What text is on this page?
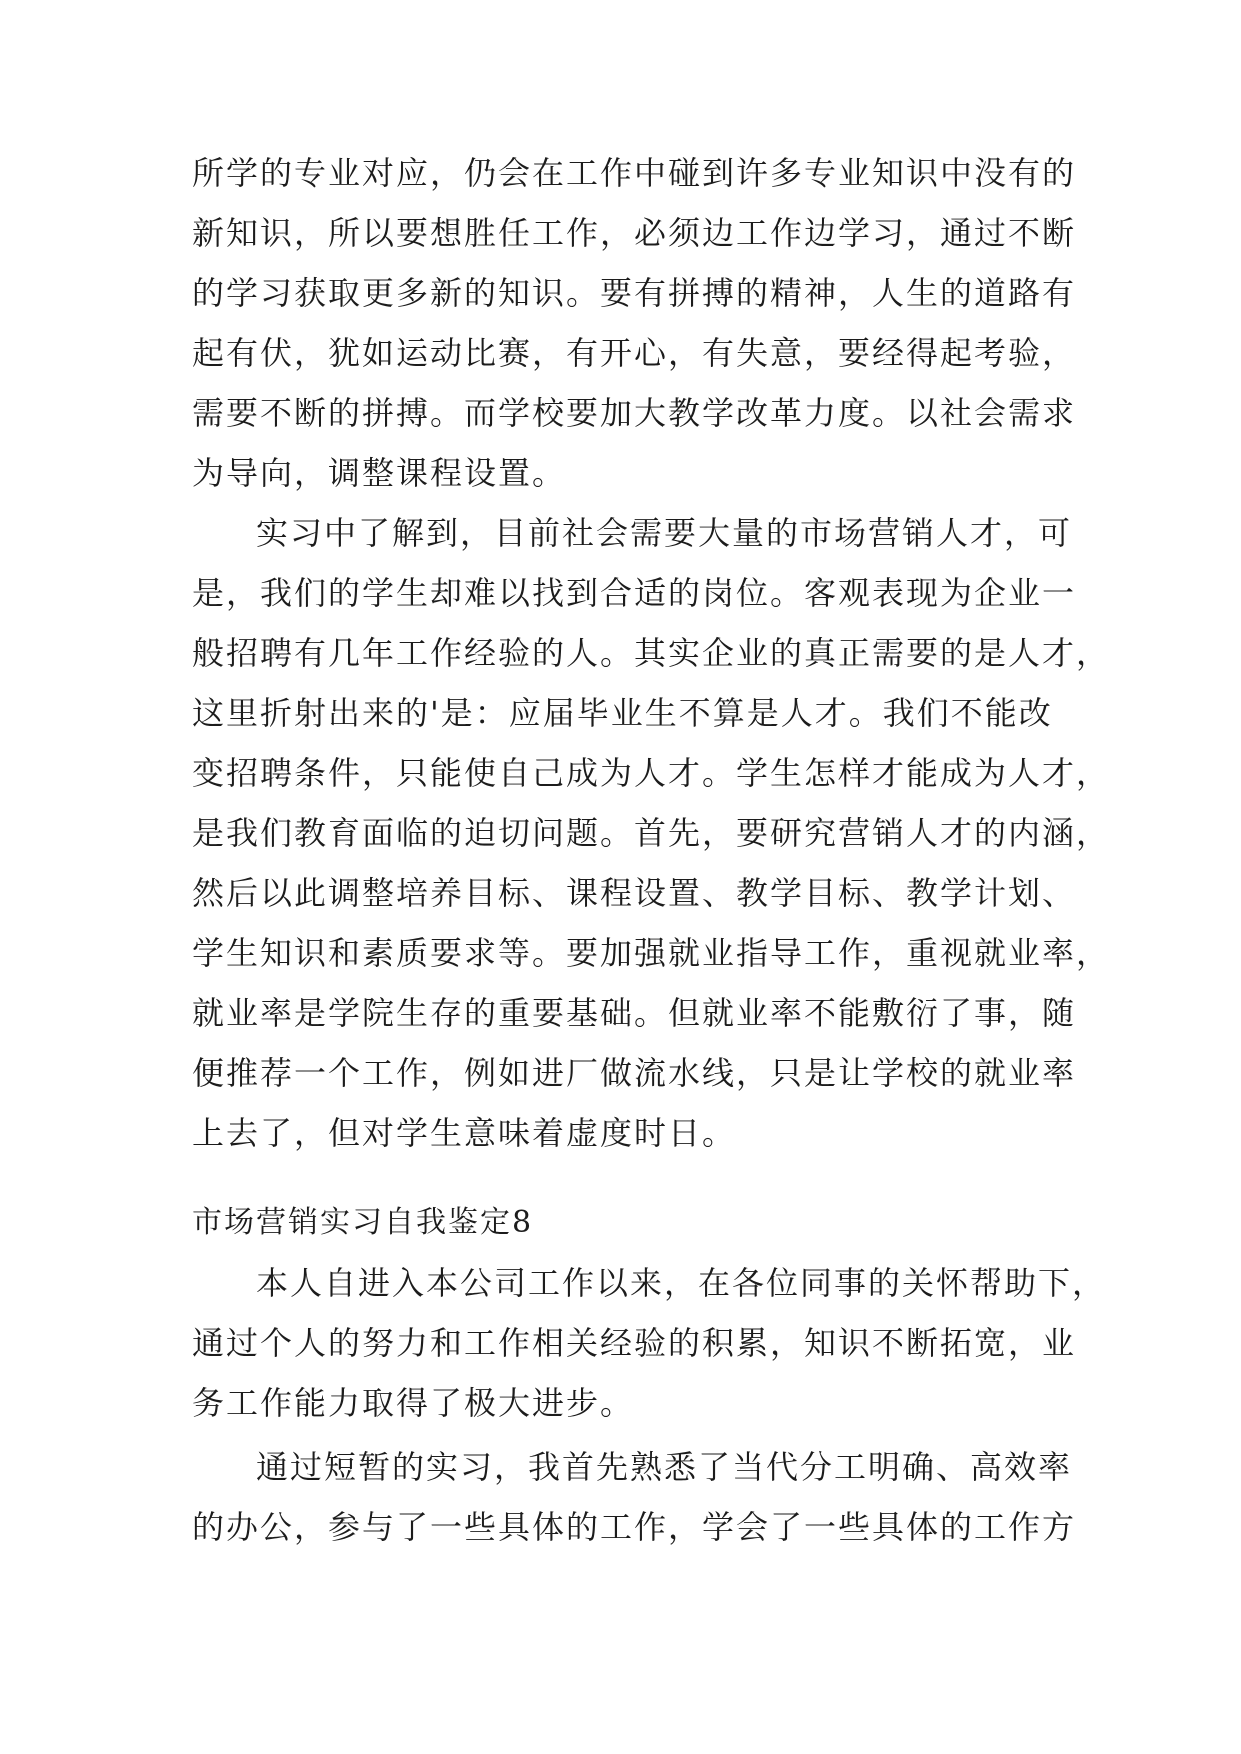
所学的专业对应，仍会在工作中碰到许多专业知识中没有的
新知识，所以要想胜任工作，必须边工作边学习，通过不断
的学习获取更多新的知识。要有拼搏的精神，人生的道路有
起有伏，犹如运动比赛，有开心，有失意，要经得起考验，
需要不断的拼搏。而学校要加大教学改革力度。以社会需求
为导向，调整课程设置。
实习中了解到，目前社会需要大量的市场营销人才，可
是，我们的学生却难以找到合适的岗位。客观表现为企业一
般招聘有几年工作经验的人。其实企业的真正需要的是人才，
这里折射出来的'是：应届毕业生不算是人才。我们不能改
变招聘条件，只能使自己成为人才。学生怎样才能成为人才，
是我们教育面临的迫切问题。首先，要研究营销人才的内涵，
然后以此调整培养目标、课程设置、教学目标、教学计划、
学生知识和素质要求等。要加强就业指导工作，重视就业率，
就业率是学院生存的重要基础。但就业率不能敷衍了事，随
便推荐一个工作，例如进厂做流水线，只是让学校的就业率
上去了，但对学生意味着虚度时日。
市场营销实习自我鉴定8
本人自进入本公司工作以来，在各位同事的关怀帮助下，
通过个人的努力和工作相关经验的积累，知识不断拓宽，业
务工作能力取得了极大进步。
通过短暂的实习，我首先熟悉了当代分工明确、高效率
的办公，参与了一些具体的工作，学会了一些具体的工作方
